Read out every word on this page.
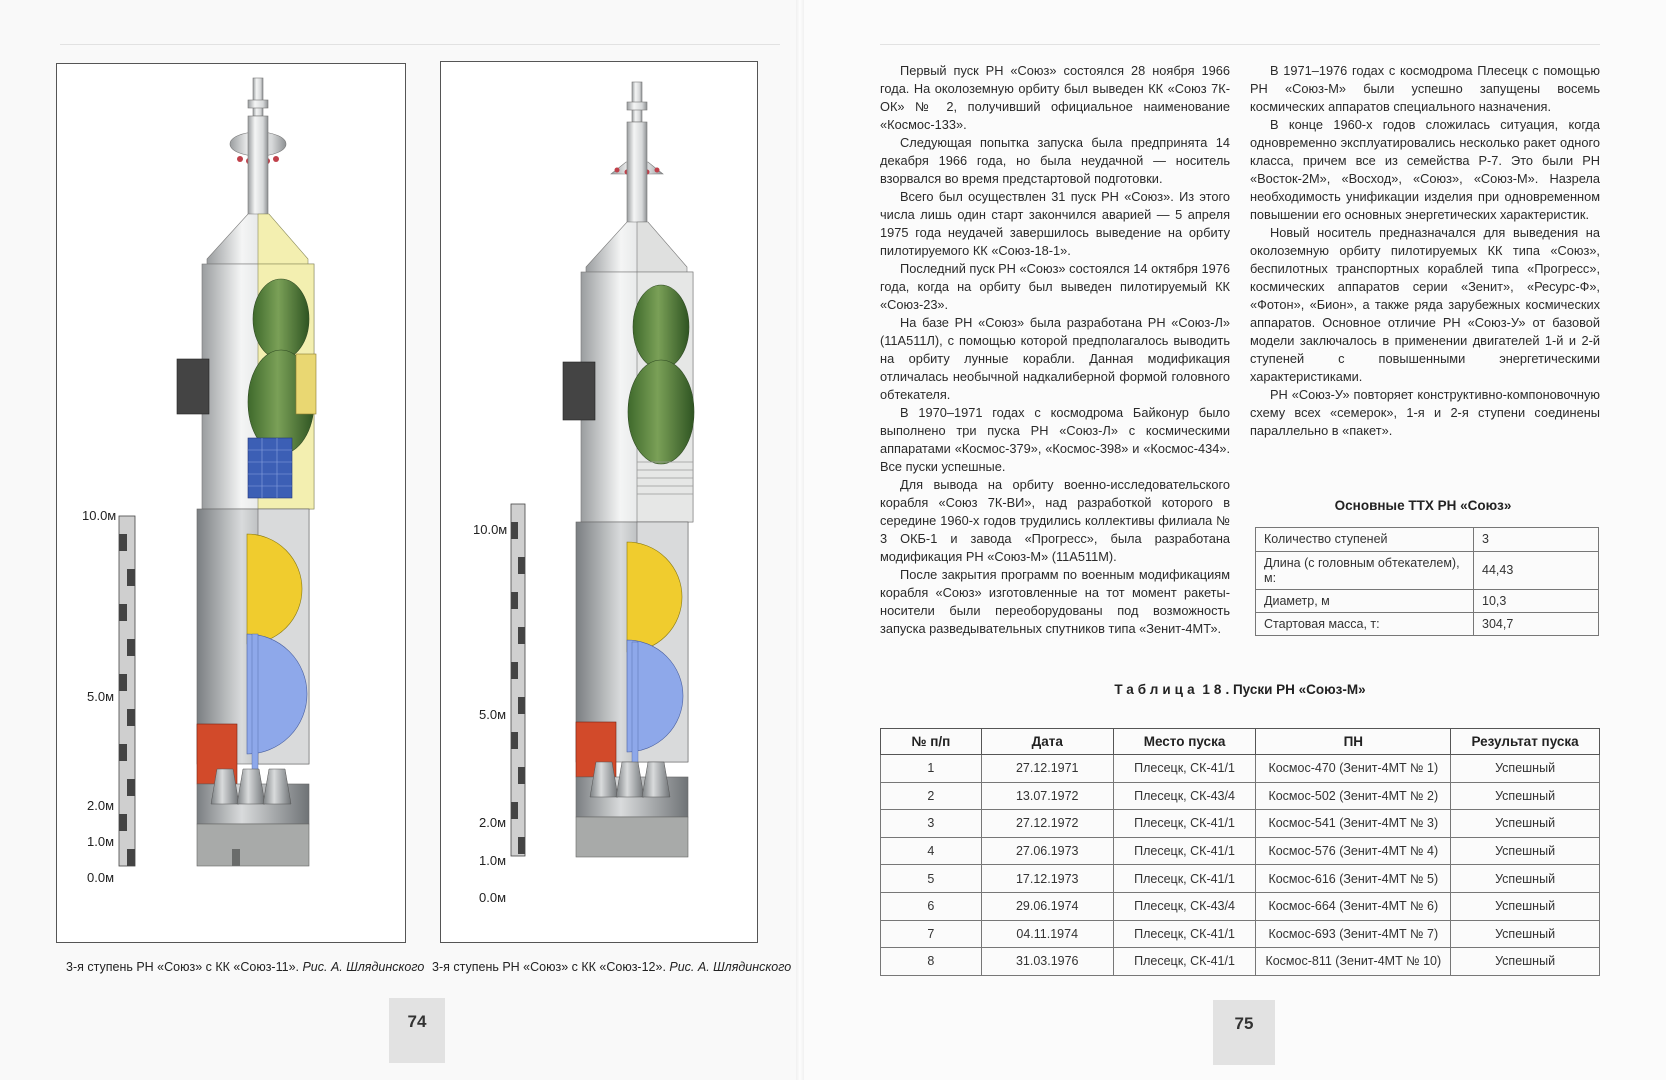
10.0м
5.0м
2.0м
1.0м
0.0м
3-я ступень РН «Союз» с КК «Союз-11». Рис. А. Шлядинского
10.0м
5.0м
2.0м
1.0м
0.0м
3-я ступень РН «Союз» с КК «Союз-12». Рис. А. Шлядинского
74	75

Первый пуск РН «Союз» состоялся 28 ноября 1966 года. На околоземную орбиту был выведен КК «Союз 7К-ОК» № 2, получивший официальное наименование «Космос-133».

Следующая попытка запуска была предпринята 14 декабря 1966 года, но была неудачной — носитель взорвался во время предстартовой подготовки.

Всего был осуществлен 31 пуск РН «Союз». Из этого числа лишь один старт закончился аварией — 5 апреля 1975 года неудачей завершилось выведение на орбиту пилотируемого КК «Союз-18-1».

Последний пуск РН «Союз» состоялся 14 октября 1976 года, когда на орбиту был выведен пилотируемый КК «Союз-23».

На базе РН «Союз» была разработана РН «Союз-Л» (11А511Л), с помощью которой предполагалось выводить на орбиту лунные корабли. Данная модификация отличалась необычной надкалиберной формой головного обтекателя.

В 1970–1971 годах с космодрома Байконур было выполнено три пуска РН «Союз-Л» с космическими аппаратами «Космос-379», «Космос-398» и «Космос-434». Все пуски успешные.

Для вывода на орбиту военно-исследовательского корабля «Союз 7К-ВИ», над разработкой которого в середине 1960-х годов трудились коллективы филиала № 3 ОКБ-1 и завода «Прогресс», была разработана модификация РН «Союз-М» (11А511М).

После закрытия программ по военным модификациям корабля «Союз» изготовленные на тот момент ракеты-носители были переоборудованы под возможность запуска разведывательных спутников типа «Зенит-4МТ».

В 1971–1976 годах с космодрома Плесецк с помощью РН «Союз-М» были успешно запущены восемь космических аппаратов специального назначения.

В конце 1960-х годов сложилась ситуация, когда одновременно эксплуатировались несколько ракет одного класса, причем все из семейства Р-7. Это были РН «Восток-2М», «Восход», «Союз», «Союз-М». Назрела необходимость унификации изделия при одновременном повышении его основных энергетических характеристик.

Новый носитель предназначался для выведения на околоземную орбиту пилотируемых КК типа «Союз», беспилотных транспортных кораблей типа «Прогресс», космических аппаратов серии «Зенит», «Ресурс-Ф», «Фотон», «Бион», а также ряда зарубежных космических аппаратов. Основное отличие РН «Союз-У» от базовой модели заключалось в применении двигателей 1-й и 2-й ступеней с повышенными энергетическими характеристиками.

РН «Союз-У» повторяет конструктивно-компоновочную схему всех «семерок», 1-я и 2-я ступени соединены параллельно в «пакет».

Основные ТТХ РН «Союз»
Количество ступеней	3
Длина (с головным обтекателем), м:	44,43
Диаметр, м	10,3
Стартовая масса, т:	304,7
Таблица 18. Пуски РН «Союз-М»
№ п/п	Дата	Место пуска	ПН	Результат пуска
1	27.12.1971	Плесецк, СК-41/1	Космос-470 (Зенит-4МТ № 1)	Успешный
2	13.07.1972	Плесецк, СК-43/4	Космос-502 (Зенит-4МТ № 2)	Успешный
3	27.12.1972	Плесецк, СК-41/1	Космос-541 (Зенит-4МТ № 3)	Успешный
4	27.06.1973	Плесецк, СК-41/1	Космос-576 (Зенит-4МТ № 4)	Успешный
5	17.12.1973	Плесецк, СК-41/1	Космос-616 (Зенит-4МТ № 5)	Успешный
6	29.06.1974	Плесецк, СК-43/4	Космос-664 (Зенит-4МТ № 6)	Успешный
7	04.11.1974	Плесецк, СК-41/1	Космос-693 (Зенит-4МТ № 7)	Успешный
8	31.03.1976	Плесецк, СК-41/1	Космос-811 (Зенит-4МТ № 10)	Успешный
